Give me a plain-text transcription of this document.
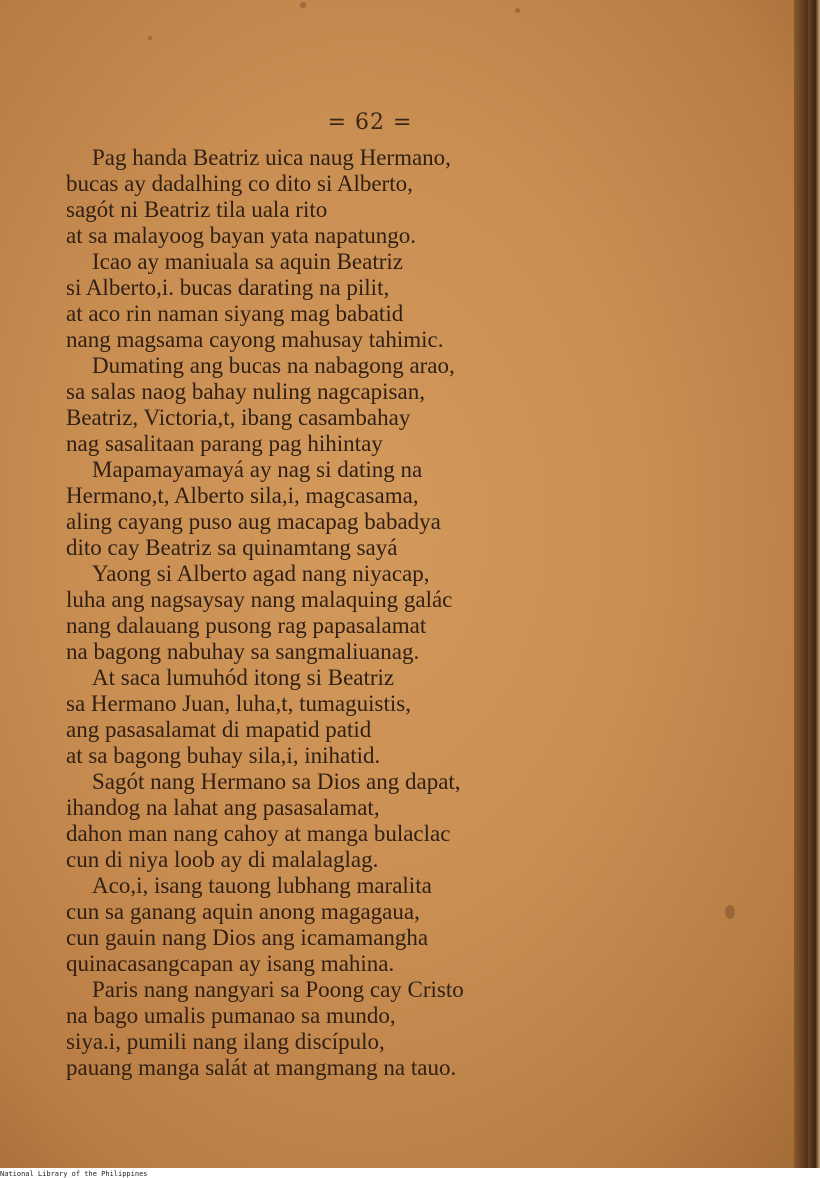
= 62 =
Pag handa Beatriz uica naug Hermano,
bucas ay dadalhing co dito si Alberto,
sagót ni Beatriz tila uala rito
at sa malayoog bayan yata napatungo.
Icao ay maniuala sa aquin Beatriz
si Alberto,i. bucas darating na pilit,
at aco rin naman siyang mag babatid
nang magsama cayong mahusay tahimic.
Dumating ang bucas na nabagong arao,
sa salas naog bahay nuling nagcapisan,
Beatriz, Victoria,t, ibang casambahay
nag sasalitaan parang pag hihintay
Mapamayamayá ay nag si dating na
Hermano,t, Alberto sila,i, magcasama,
aling cayang puso aug macapag babadya
dito cay Beatriz sa quinamtang sayá
Yaong si Alberto agad nang niyacap,
luha ang nagsaysay nang malaquing galác
nang dalauang pusong rag papasalamat
na bagong nabuhay sa sangmaliuanag.
At saca lumuhód itong si Beatriz
sa Hermano Juan, luha,t, tumaguistis,
ang pasasalamat di mapatid patid
at sa bagong buhay sila,i, inihatid.
Sagót nang Hermano sa Dios ang dapat,
ihandog na lahat ang pasasalamat,
dahon man nang cahoy at manga bulaclac
cun di niya loob ay di malalaglag.
Aco,i, isang tauong lubhang maralita
cun sa ganang aquin anong magagaua,
cun gauin nang Dios ang icamamangha
quinacasangcapan ay isang mahina.
Paris nang nangyari sa Poong cay Cristo
na bago umalis pumanao sa mundo,
siya.i, pumili nang ilang discípulo,
pauang manga salát at mangmang na tauo.
National Library of the Philippines
